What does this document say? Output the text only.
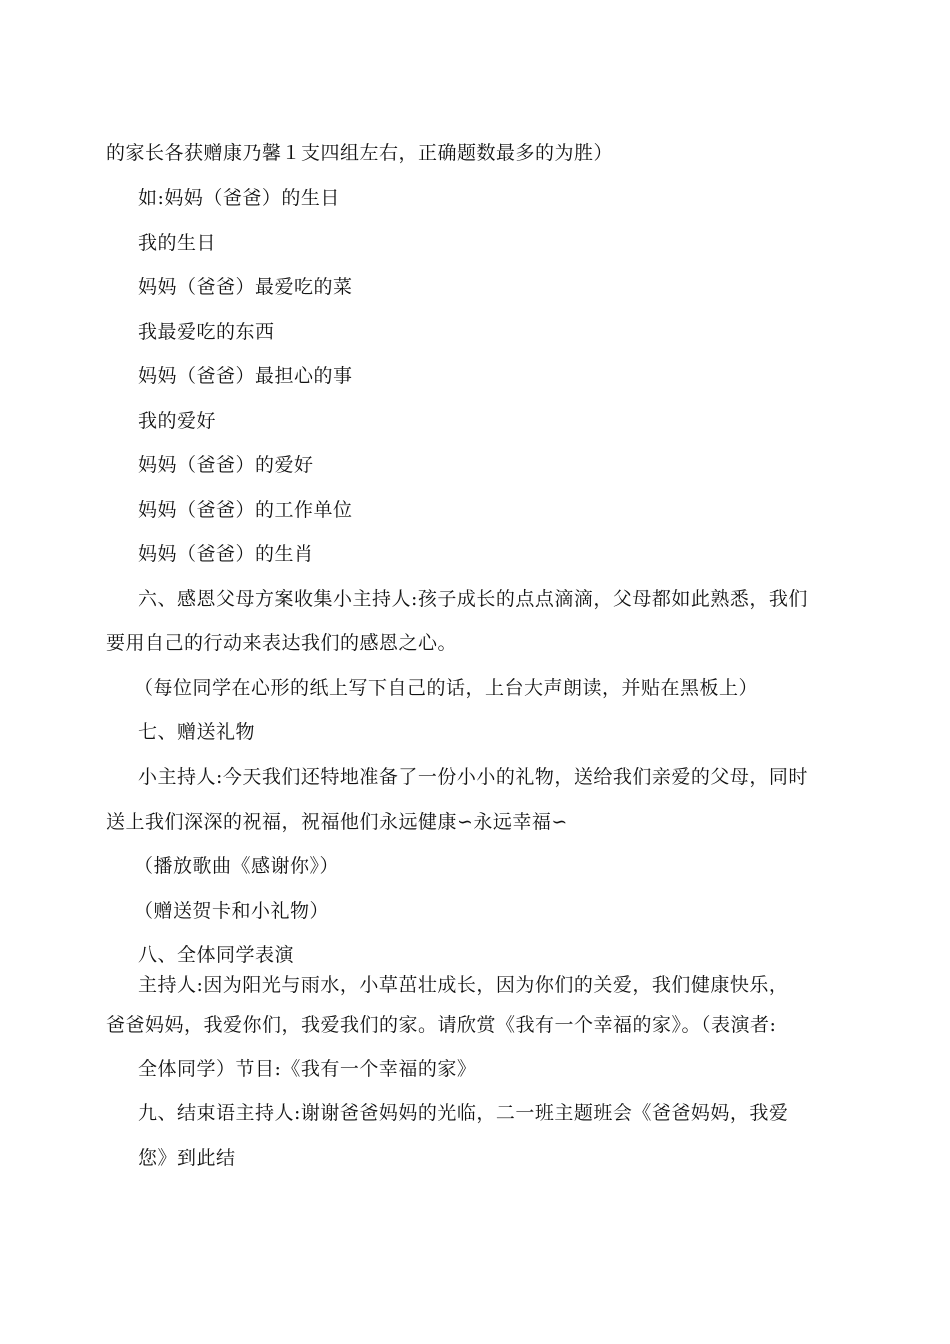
的家长各获赠康乃馨１支四组左右，正确题数最多的为胜）
如:妈妈（爸爸）的生日
我的生日
妈妈（爸爸）最爱吃的菜
我最爱吃的东西
妈妈（爸爸）最担心的事
我的爱好
妈妈（爸爸）的爱好
妈妈（爸爸）的工作单位
妈妈（爸爸）的生肖
六、感恩父母方案收集小主持人:孩子成长的点点滴滴，父母都如此熟悉，我们
要用自己的行动来表达我们的感恩之心。
（每位同学在心形的纸上写下自己的话，上台大声朗读，并贴在黑板上）
七、赠送礼物
小主持人:今天我们还特地准备了一份小小的礼物，送给我们亲爱的父母，同时
送上我们深深的祝福，祝福他们永远健康∽永远幸福∽
（播放歌曲《感谢你》）
（赠送贺卡和小礼物）
八、全体同学表演
主持人:因为阳光与雨水，小草茁壮成长，因为你们的关爱，我们健康快乐，
爸爸妈妈，我爱你们，我爱我们的家。请欣赏《我有一个幸福的家》。（表演者:
全体同学）节目:《我有一个幸福的家》
九、结束语主持人:谢谢爸爸妈妈的光临，二一班主题班会《爸爸妈妈，我爱
您》到此结
